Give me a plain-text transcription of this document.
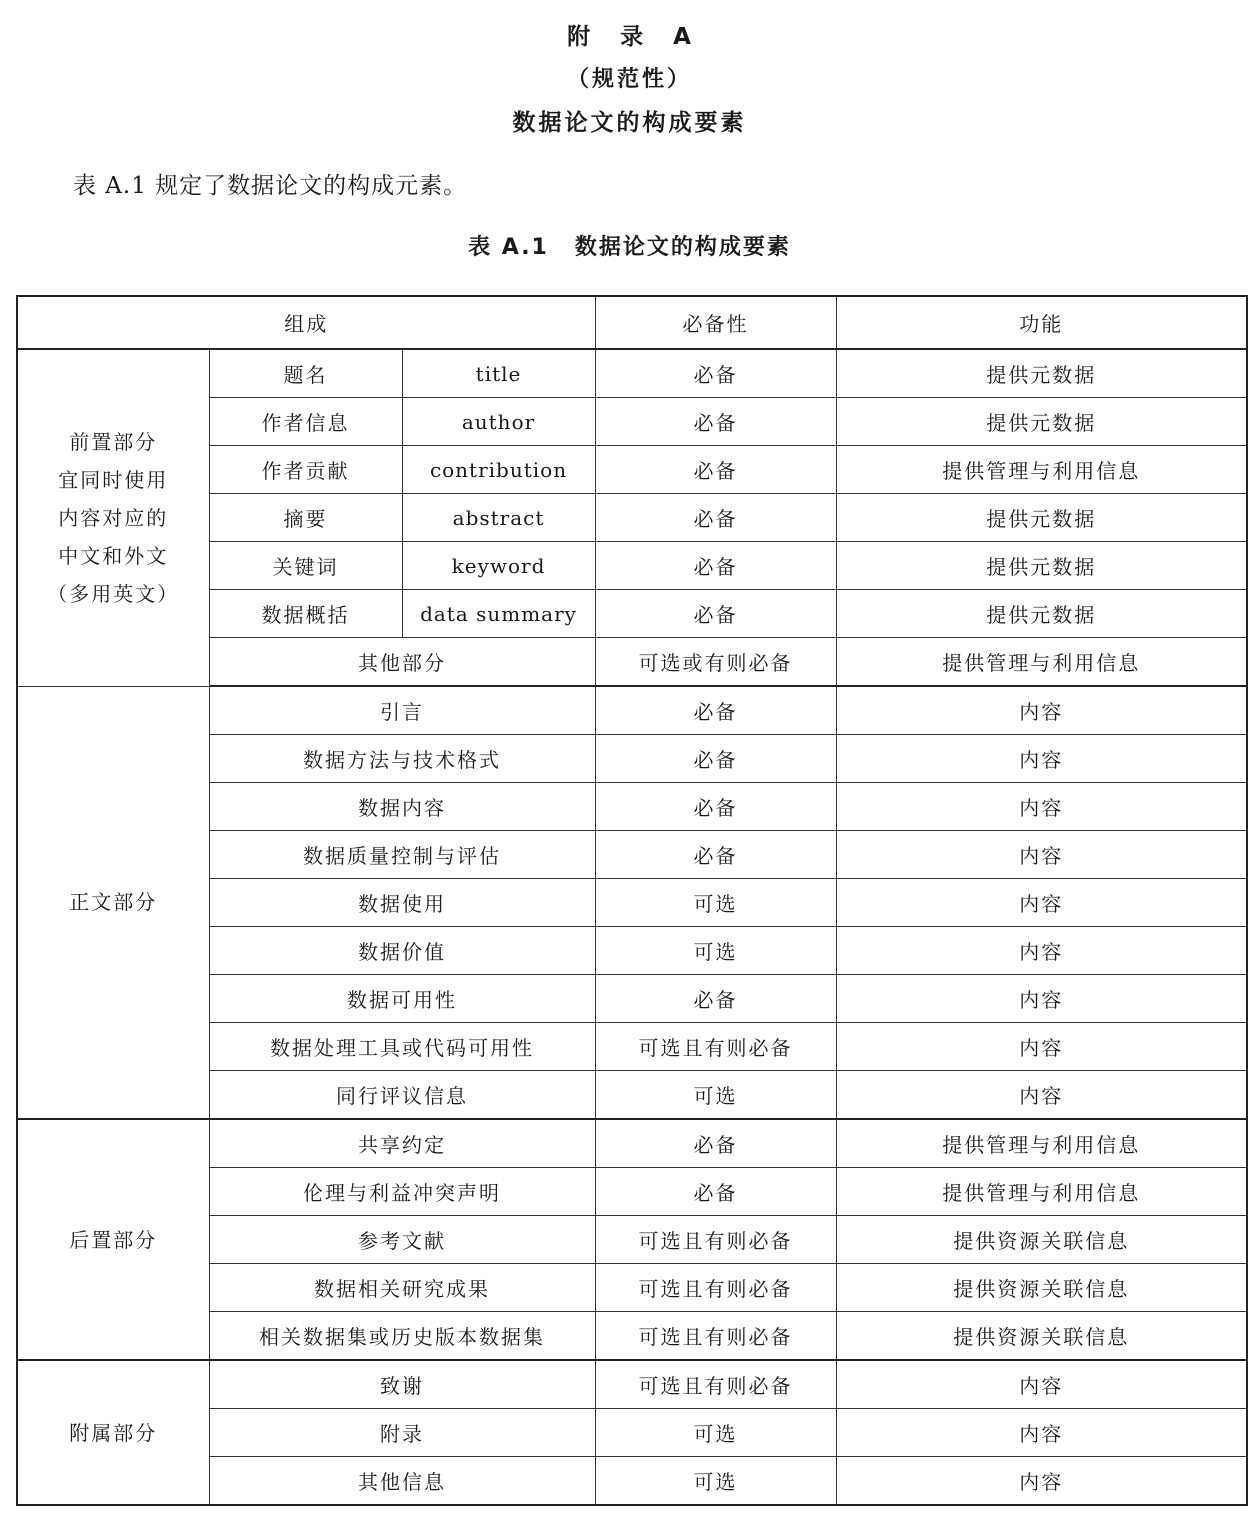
附 录 A
（规范性）
数据论文的构成要素
表 A.1 规定了数据论文的构成元素。
表 A.1 数据论文的构成要素
组成			必备性	功能

前置部分
宜同时使用
内容对应的
中文和外文
（多用英文）	题名	title	必备	提供元数据
	作者信息	author	必备	提供元数据
	作者贡献	contribution	必备	提供管理与利用信息
	摘要	abstract	必备	提供元数据
	关键词	keyword	必备	提供元数据
	数据概括	data summary	必备	提供元数据
	其他部分		可选或有则必备	提供管理与利用信息
正文部分	引言		必备	内容
	数据方法与技术格式		必备	内容
	数据内容		必备	内容
	数据质量控制与评估		必备	内容
	数据使用		可选	内容
	数据价值		可选	内容
	数据可用性		必备	内容
	数据处理工具或代码可用性		可选且有则必备	内容
	同行评议信息		可选	内容
后置部分	共享约定		必备	提供管理与利用信息
	伦理与利益冲突声明		必备	提供管理与利用信息
	参考文献		可选且有则必备	提供资源关联信息
	数据相关研究成果		可选且有则必备	提供资源关联信息
	相关数据集或历史版本数据集		可选且有则必备	提供资源关联信息
附属部分	致谢		可选且有则必备	内容
	附录		可选	内容
	其他信息		可选	内容
